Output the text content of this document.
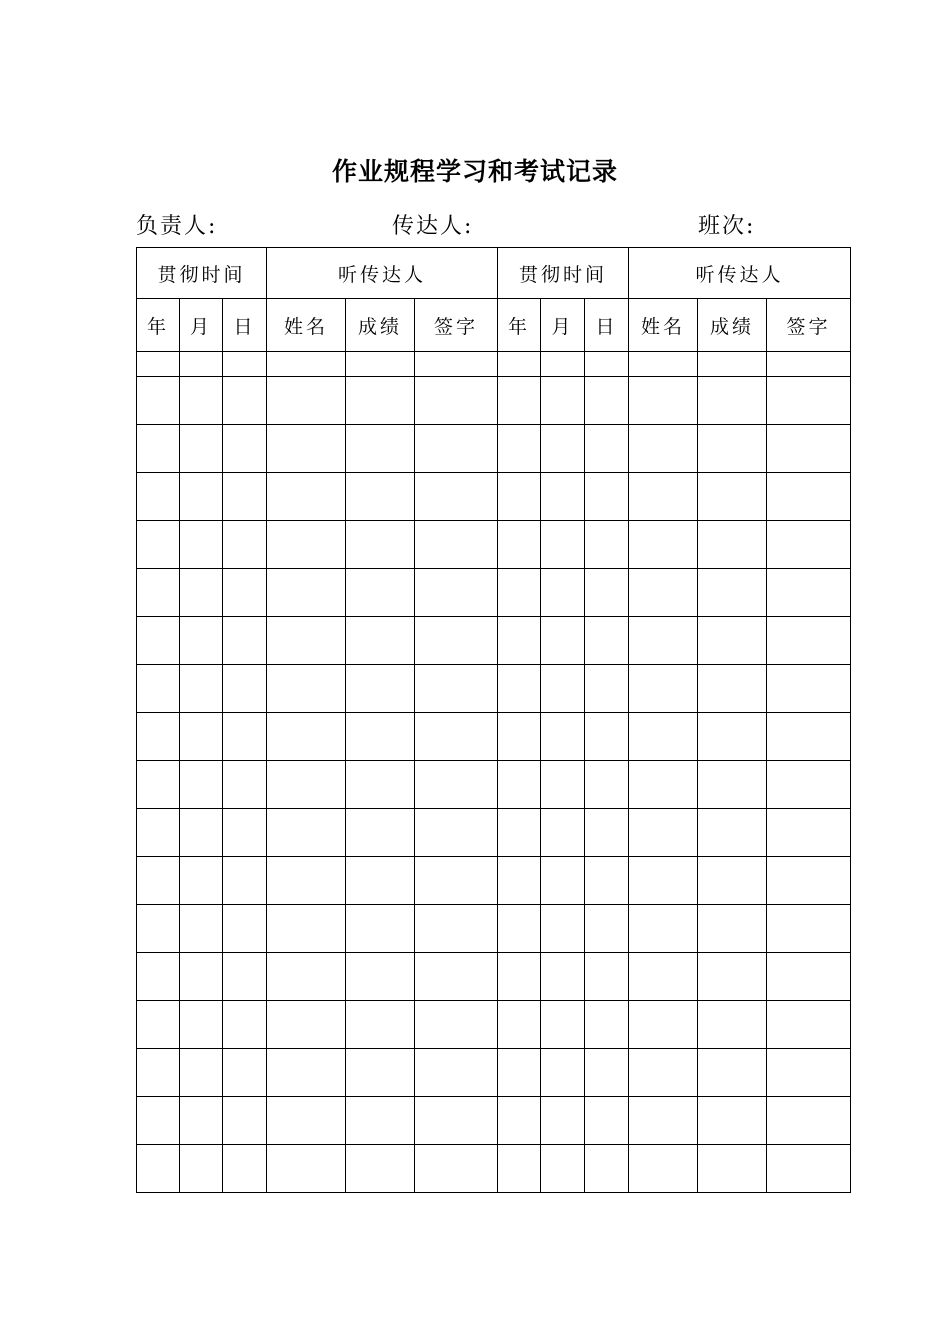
作业规程学习和考试记录
负责人:	传达人:	班次:
贯彻时间			听传达人			贯彻时间			听传达人		
年	月	日	姓名	成绩	签字	年	月	日	姓名	成绩	签字
